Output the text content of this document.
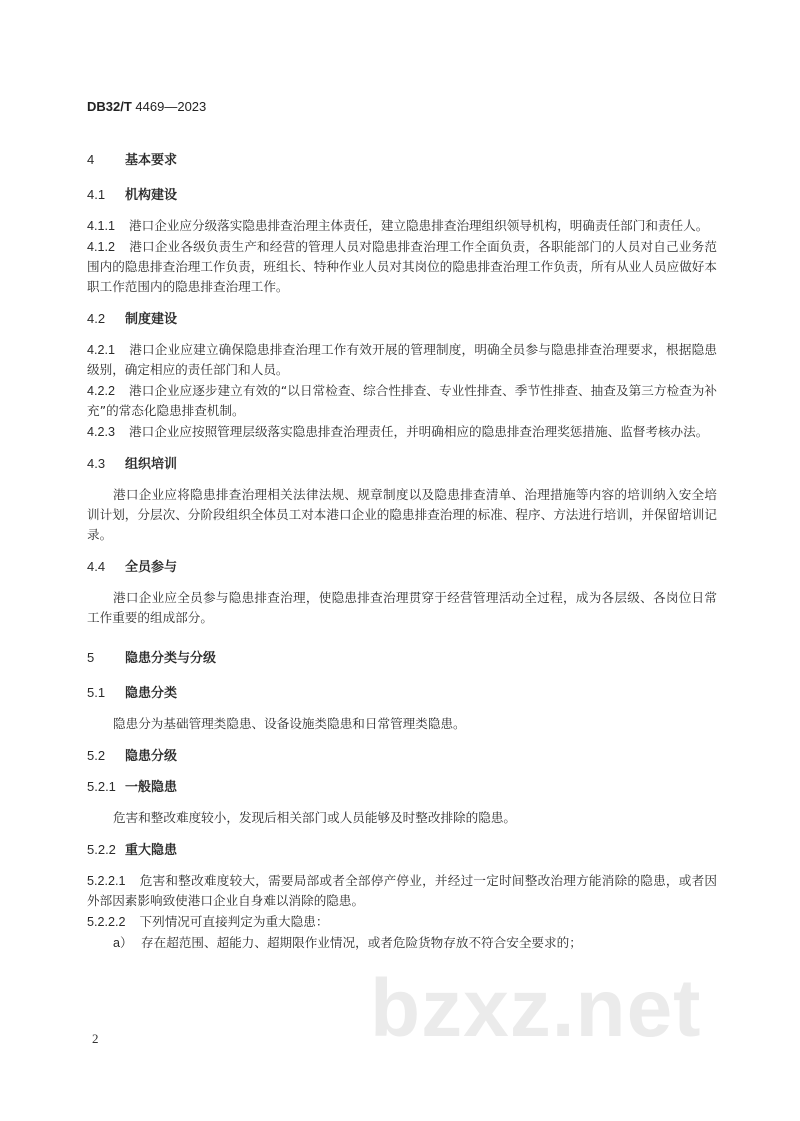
DB32/T 4469—2023
4 基本要求
4.1 机构建设

4.1.1 港口企业应分级落实隐患排查治理主体责任，建立隐患排查治理组织领导机构，明确责任部门和责任人。

4.1.2 港口企业各级负责生产和经营的管理人员对隐患排查治理工作全面负责，各职能部门的人员对自己业务范围内的隐患排查治理工作负责，班组长、特种作业人员对其岗位的隐患排查治理工作负责，所有从业人员应做好本职工作范围内的隐患排查治理工作。

4.2 制度建设

4.2.1 港口企业应建立确保隐患排查治理工作有效开展的管理制度，明确全员参与隐患排查治理要求，根据隐患级别，确定相应的责任部门和人员。

4.2.2 港口企业应逐步建立有效的“以日常检查、综合性排查、专业性排查、季节性排查、抽查及第三方检查为补充”的常态化隐患排查机制。

4.2.3 港口企业应按照管理层级落实隐患排查治理责任，并明确相应的隐患排查治理奖惩措施、监督考核办法。

4.3 组织培训

港口企业应将隐患排查治理相关法律法规、规章制度以及隐患排查清单、治理措施等内容的培训纳入安全培训计划，分层次、分阶段组织全体员工对本港口企业的隐患排查治理的标准、程序、方法进行培训，并保留培训记录。

4.4 全员参与

港口企业应全员参与隐患排查治理，使隐患排查治理贯穿于经营管理活动全过程，成为各层级、各岗位日常工作重要的组成部分。

5 隐患分类与分级
5.1 隐患分类

隐患分为基础管理类隐患、设备设施类隐患和日常管理类隐患。

5.2 隐患分级
5.2.1 一般隐患

危害和整改难度较小，发现后相关部门或人员能够及时整改排除的隐患。

5.2.2 重大隐患

5.2.2.1 危害和整改难度较大，需要局部或者全部停产停业，并经过一定时间整改治理方能消除的隐患，或者因外部因素影响致使港口企业自身难以消除的隐患。

5.2.2.2 下列情况可直接判定为重大隐患：

a） 存在超范围、超能力、超期限作业情况，或者危险货物存放不符合安全要求的；
bzxz.net
2
